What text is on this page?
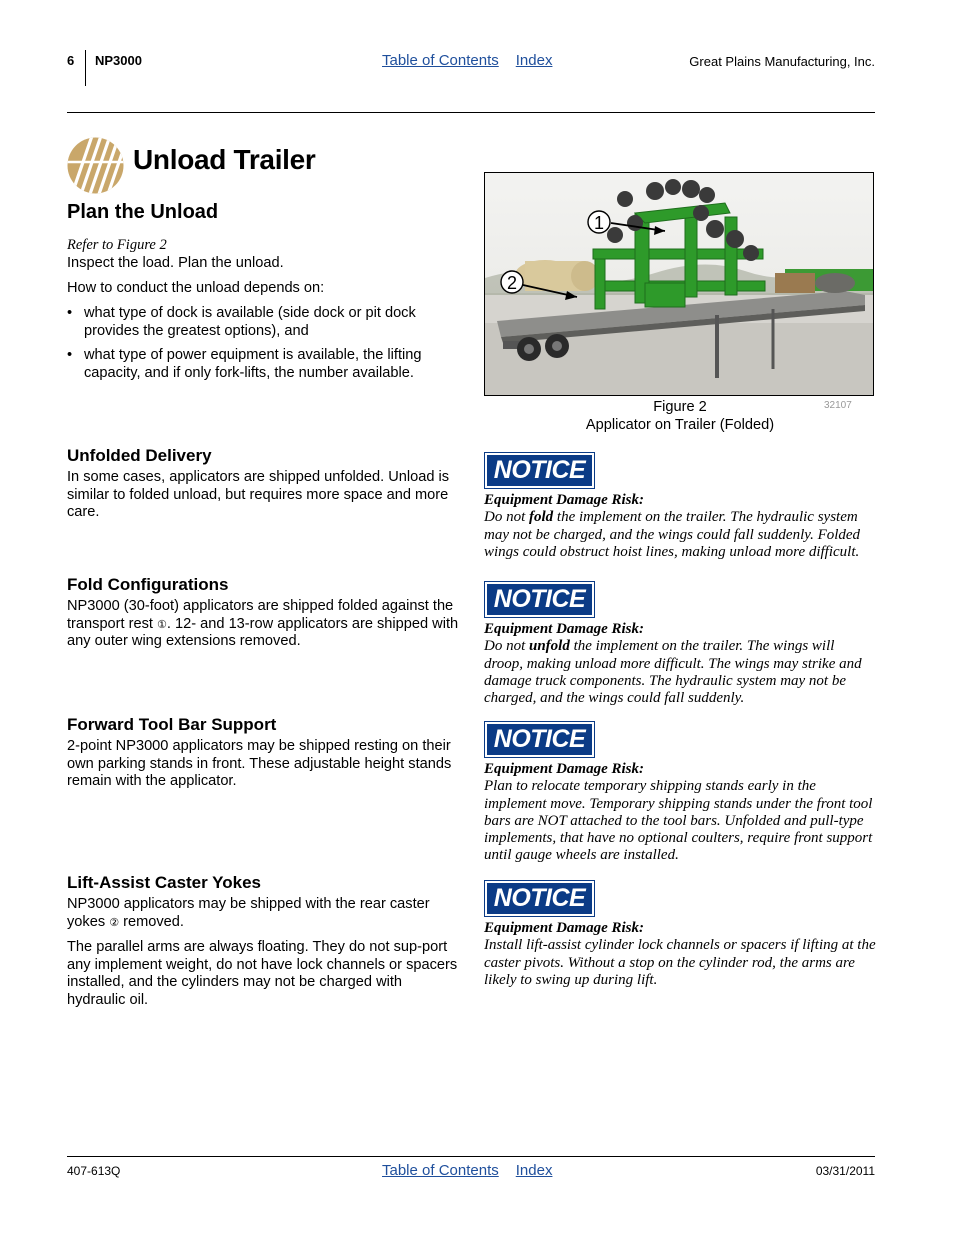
6 NP3000	Table of Contents Index	Great Plains Manufacturing, Inc.
Unload Trailer
Plan the Unload
Refer to Figure 2
Inspect the load. Plan the unload.
How to conduct the unload depends on:
• what type of dock is available (side dock or pit dock provides the greatest options), and
• what type of power equipment is available, the lifting capacity, and if only fork-lifts, the number available.
Unfolded Delivery
In some cases, applicators are shipped unfolded. Unload is similar to folded unload, but requires more space and more care.
Fold Configurations
NP3000 (30-foot) applicators are shipped folded against the transport rest ①. 12- and 13-row applicators are shipped with any outer wing extensions removed.
Forward Tool Bar Support
2-point NP3000 applicators may be shipped resting on their own parking stands in front. These adjustable height stands remain with the applicator.
Lift-Assist Caster Yokes
NP3000 applicators may be shipped with the rear caster yokes ② removed.
The parallel arms are always floating. They do not sup-port any implement weight, do not have lock channels or spacers installed, and the cylinders may not be charged with hydraulic oil.
1
2
Figure 2
Applicator on Trailer (Folded)
32107
NOTICE
Equipment Damage Risk:
Do not fold the implement on the trailer. The hydraulic system may not be charged, and the wings could fall suddenly. Folded wings could obstruct hoist lines, making unload more difficult.
NOTICE
Equipment Damage Risk:
Do not unfold the implement on the trailer. The wings will droop, making unload more difficult. The wings may strike and damage truck components. The hydraulic system may not be charged, and the wings could fall suddenly.
NOTICE
Equipment Damage Risk:
Plan to relocate temporary shipping stands early in the implement move. Temporary shipping stands under the front tool bars are NOT attached to the tool bars. Unfolded and pull-type implements, that have no optional coulters, require front support until gauge wheels are installed.
NOTICE
Equipment Damage Risk:
Install lift-assist cylinder lock channels or spacers if lifting at the caster pivots. Without a stop on the cylinder rod, the arms are likely to swing up during lift.
407-613Q	Table of Contents Index	03/31/2011
